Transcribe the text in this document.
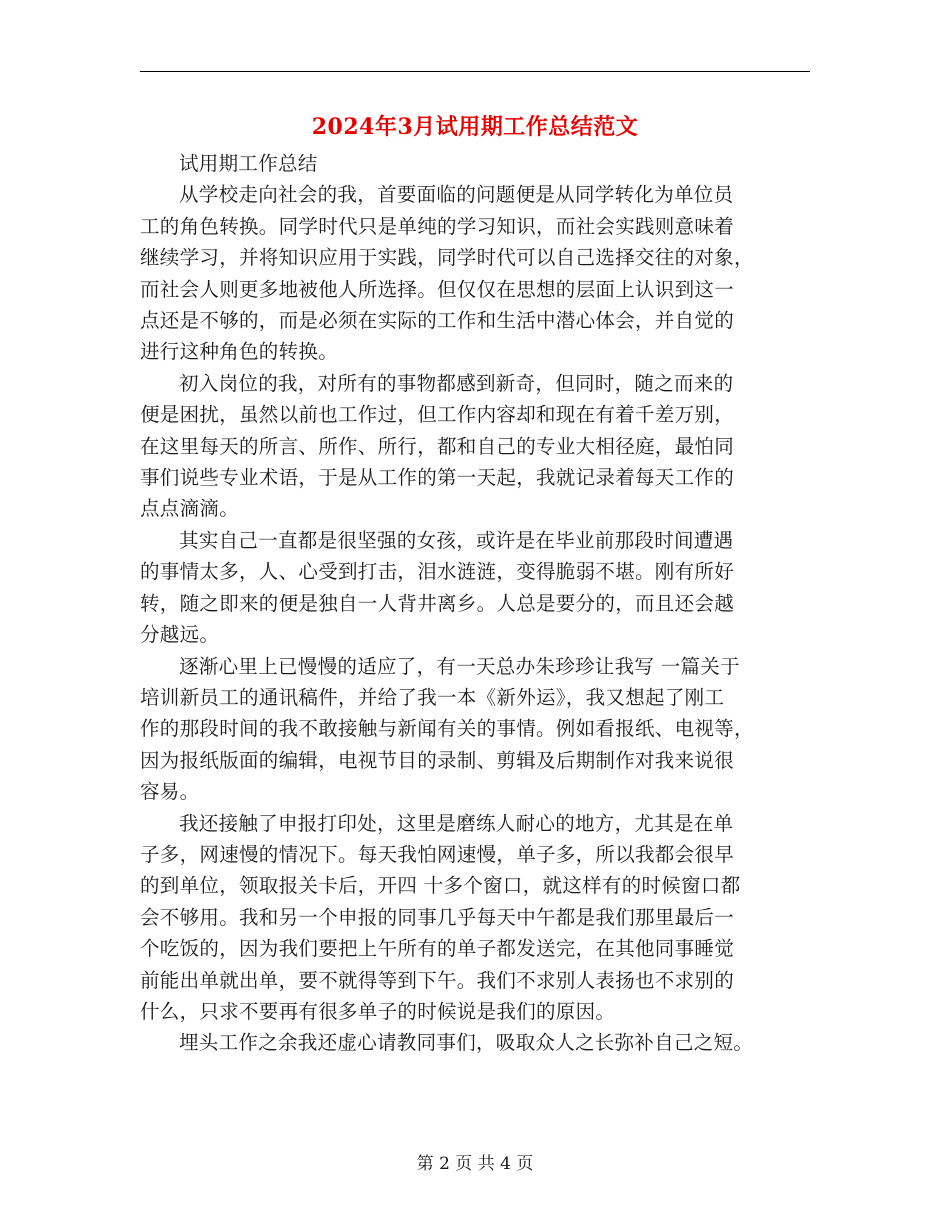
2024年3月试用期工作总结范文
试用期工作总结
从学校走向社会的我，首要面临的问题便是从同学转化为单位员
工的角色转换。同学时代只是单纯的学习知识，而社会实践则意味着
继续学习，并将知识应用于实践，同学时代可以自己选择交往的对象，
而社会人则更多地被他人所选择。但仅仅在思想的层面上认识到这一
点还是不够的，而是必须在实际的工作和生活中潜心体会，并自觉的
进行这种角色的转换。
初入岗位的我，对所有的事物都感到新奇，但同时，随之而来的
便是困扰，虽然以前也工作过，但工作内容却和现在有着千差万别，
在这里每天的所言、所作、所行，都和自己的专业大相径庭，最怕同
事们说些专业术语，于是从工作的第一天起，我就记录着每天工作的
点点滴滴。
其实自己一直都是很坚强的女孩，或许是在毕业前那段时间遭遇
的事情太多，人、心受到打击，泪水涟涟，变得脆弱不堪。刚有所好
转，随之即来的便是独自一人背井离乡。人总是要分的，而且还会越
分越远。
逐渐心里上已慢慢的适应了，有一天总办朱珍珍让我写 一篇关于
培训新员工的通讯稿件，并给了我一本《新外运》，我又想起了刚工
作的那段时间的我不敢接触与新闻有关的事情。例如看报纸、电视等，
因为报纸版面的编辑，电视节目的录制、剪辑及后期制作对我来说很
容易。
我还接触了申报打印处，这里是磨练人耐心的地方，尤其是在单
子多，网速慢的情况下。每天我怕网速慢，单子多，所以我都会很早
的到单位，领取报关卡后，开四 十多个窗口，就这样有的时候窗口都
会不够用。我和另一个申报的同事几乎每天中午都是我们那里最后一
个吃饭的，因为我们要把上午所有的单子都发送完，在其他同事睡觉
前能出单就出单，要不就得等到下午。我们不求别人表扬也不求别的
什么，只求不要再有很多单子的时候说是我们的原因。
埋头工作之余我还虚心请教同事们，吸取众人之长弥补自己之短。
第 2 页 共 4 页
